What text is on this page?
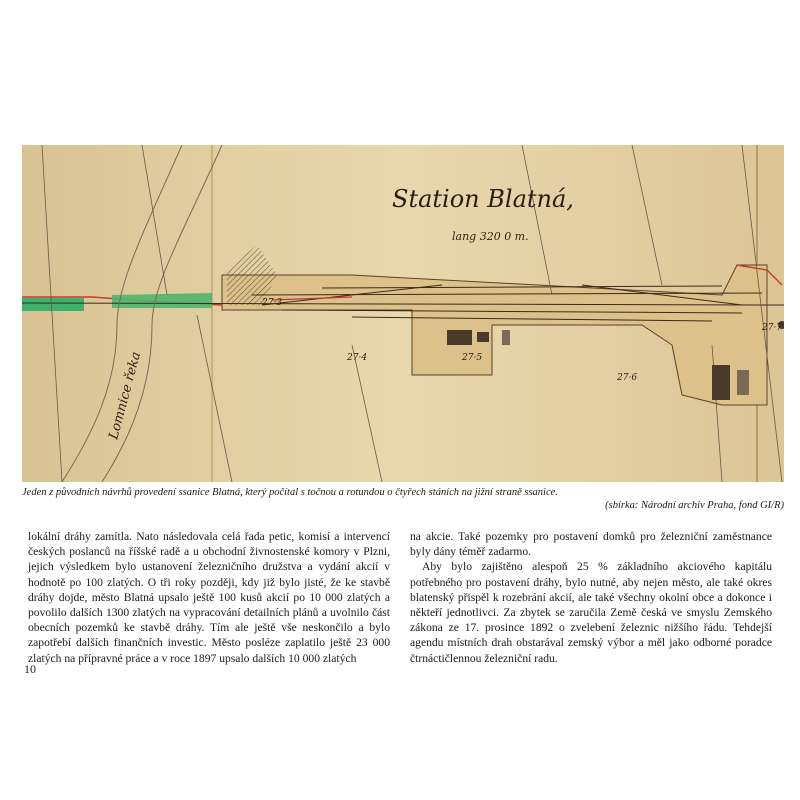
Station Blatná,
lang 320 0 m.
27·3
27·4	27·5
27·6
27·7
Lomnice řeka
Jeden z původních návrhů provedení ssanice Blatná, který počítal s točnou a rotundou o čtyřech stáních na jižní straně ssanice.
(sbírka: Národní archiv Praha, fond GI/R)

lokální dráhy zamítla. Nato následovala celá řada petic, komisí a intervencí českých poslanců na říšské radě a u obchodní živnostenské komory v Plzni, jejich výsledkem bylo ustanovení železničního družstva a vydání akcií v hodnotě po 100 zlatých. O tři roky později, kdy již bylo jisté, že ke stavbě dráhy dojde, město Blatná upsalo ještě 100 kusů akcií po 10 000 zlatých a povolilo dalších 1300 zlatých na vypracování detailních plánů a uvolnilo část obecních pozemků ke stavbě dráhy. Tím ale ještě vše neskončilo a bylo zapotřebí dalších finančních investic. Město posléze zaplatilo ještě 23 000 zlatých na přípravné práce a v roce 1897 upsalo dalších 10 000 zlatých

na akcie. Také pozemky pro postavení domků pro železniční zaměstnance byly dány téměř zadarmo.

Aby bylo zajištěno alespoň 25 % základního akciového kapitálu potřebného pro postavení dráhy, bylo nutné, aby nejen město, ale také okres blatenský přispěl k rozebrání akcií, ale také všechny okolní obce a dokonce i někteří jednotlivci. Za zbytek se zaručila Země česká ve smyslu Zemského zákona ze 17. prosince 1892 o zvelebení železnic nižšího řádu. Tehdejší agendu místních drah obstarával zemský výbor a měl jako odborné poradce čtrnáctičlennou železniční radu.

10
